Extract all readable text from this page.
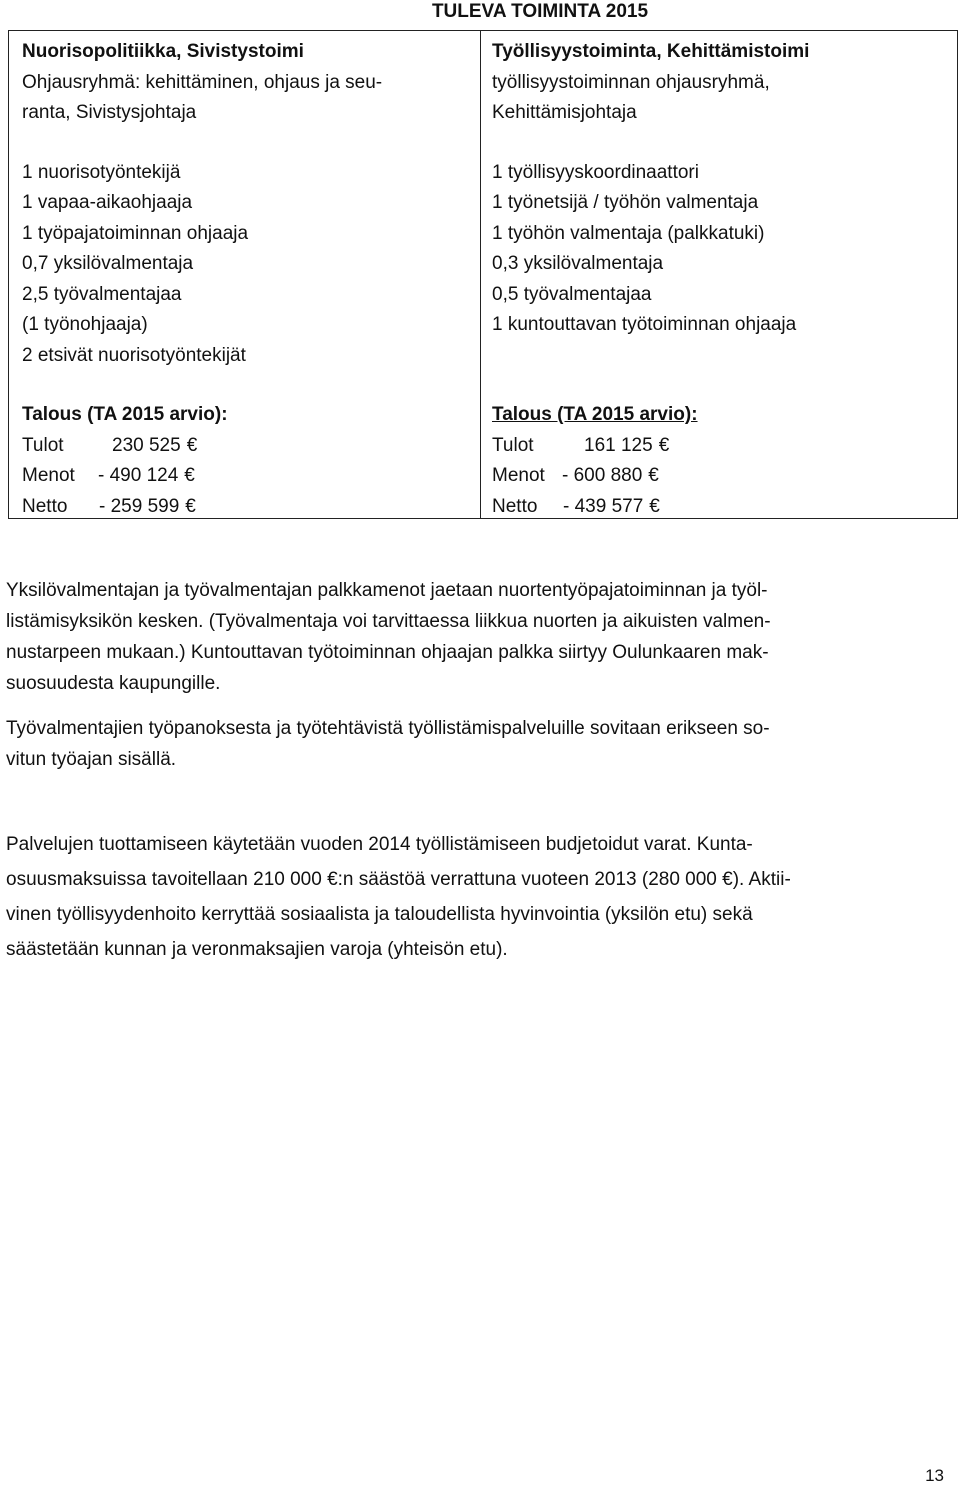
TULEVA TOIMINTA 2015
Nuorisopolitiikka, Sivistystoimi
Ohjausryhmä: kehittäminen, ohjaus ja seu-
ranta, Sivistysjohtaja
1 nuorisotyöntekijä
1 vapaa-aikaohjaaja
1 työpajatoiminnan ohjaaja
0,7 yksilövalmentaja
2,5 työvalmentajaa
(1 työnohjaaja)
2 etsivät nuorisotyöntekijät
Talous (TA 2015 arvio):
Tulot	230 525 €
Menot	- 490 124 €
Netto	- 259 599 €
Työllisyystoiminta, Kehittämistoimi
työllisyystoiminnan ohjausryhmä,
Kehittämisjohtaja
1 työllisyyskoordinaattori
1 työnetsijä / työhön valmentaja
1 työhön valmentaja (palkkatuki)
0,3 yksilövalmentaja
0,5 työvalmentajaa
1 kuntouttavan työtoiminnan ohjaaja
Talous (TA 2015 arvio):
Tulot	161 125 €
Menot - 600 880 €
Netto	- 439 577 €
Yksilövalmentajan ja työvalmentajan palkkamenot jaetaan nuortentyöpajatoiminnan ja työl-
listämisyksikön kesken. (Työvalmentaja voi tarvittaessa liikkua nuorten ja aikuisten valmen-
nustarpeen mukaan.) Kuntouttavan työtoiminnan ohjaajan palkka siirtyy Oulunkaaren mak-
suosuudesta kaupungille.
Työvalmentajien työpanoksesta ja työtehtävistä työllistämispalveluille sovitaan erikseen so-
vitun työajan sisällä.
Palvelujen tuottamiseen käytetään vuoden 2014 työllistämiseen budjetoidut varat. Kunta-
osuusmaksuissa tavoitellaan 210 000 €:n säästöä verrattuna vuoteen 2013 (280 000 €). Aktii-
vinen työllisyydenhoito kerryttää sosiaalista ja taloudellista hyvinvointia (yksilön etu) sekä
säästetään kunnan ja veronmaksajien varoja (yhteisön etu).
13
